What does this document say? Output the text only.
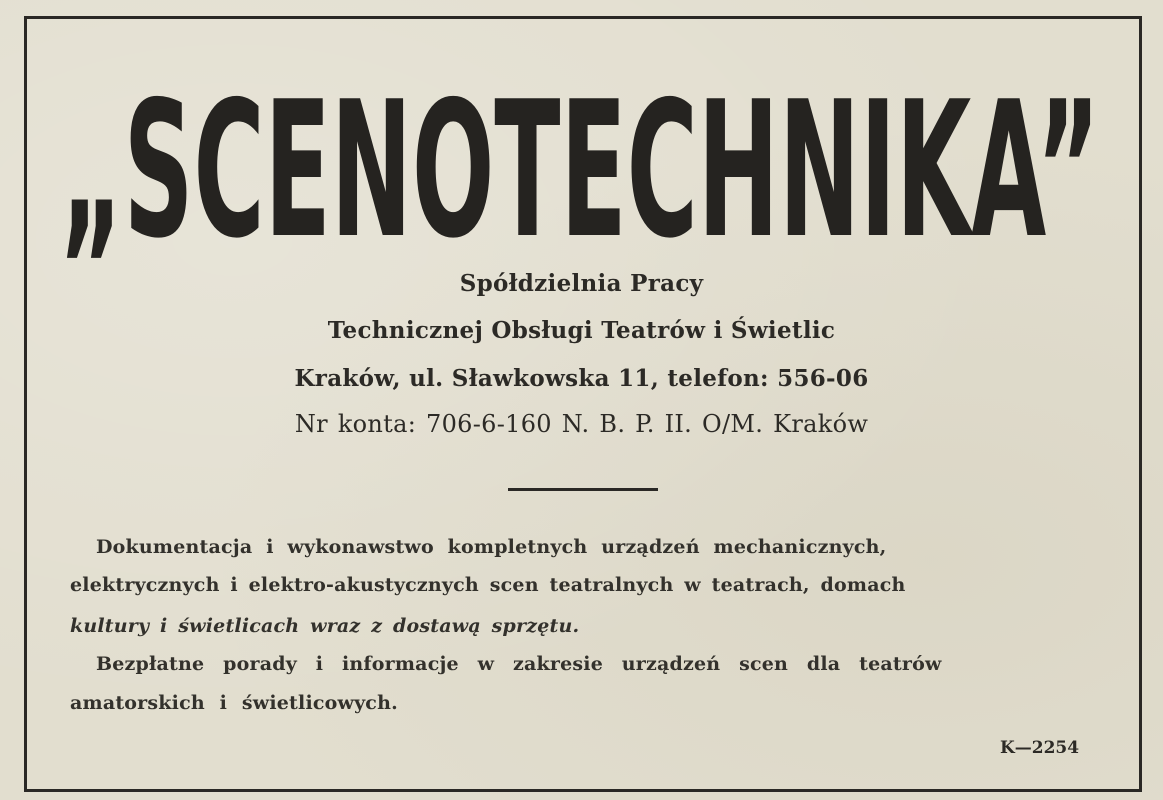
„SCENOTECHNIKA”
Spółdzielnia Pracy
Technicznej Obsługi Teatrów i Świetlic
Kraków, ul. Sławkowska 11, telefon: 556-06
Nr konta: 706-6-160 N. B. P. II. O/M. Kraków
Dokumentacja i wykonawstwo kompletnych urządzeń mechanicznych,
elektrycznych i elektro-akustycznych scen teatralnych w teatrach, domach
kultury i świetlicach wraz z dostawą sprzętu.
Bezpłatne porady i informacje w zakresie urządzeń scen dla teatrów
amatorskich i świetlicowych.
K—2254
